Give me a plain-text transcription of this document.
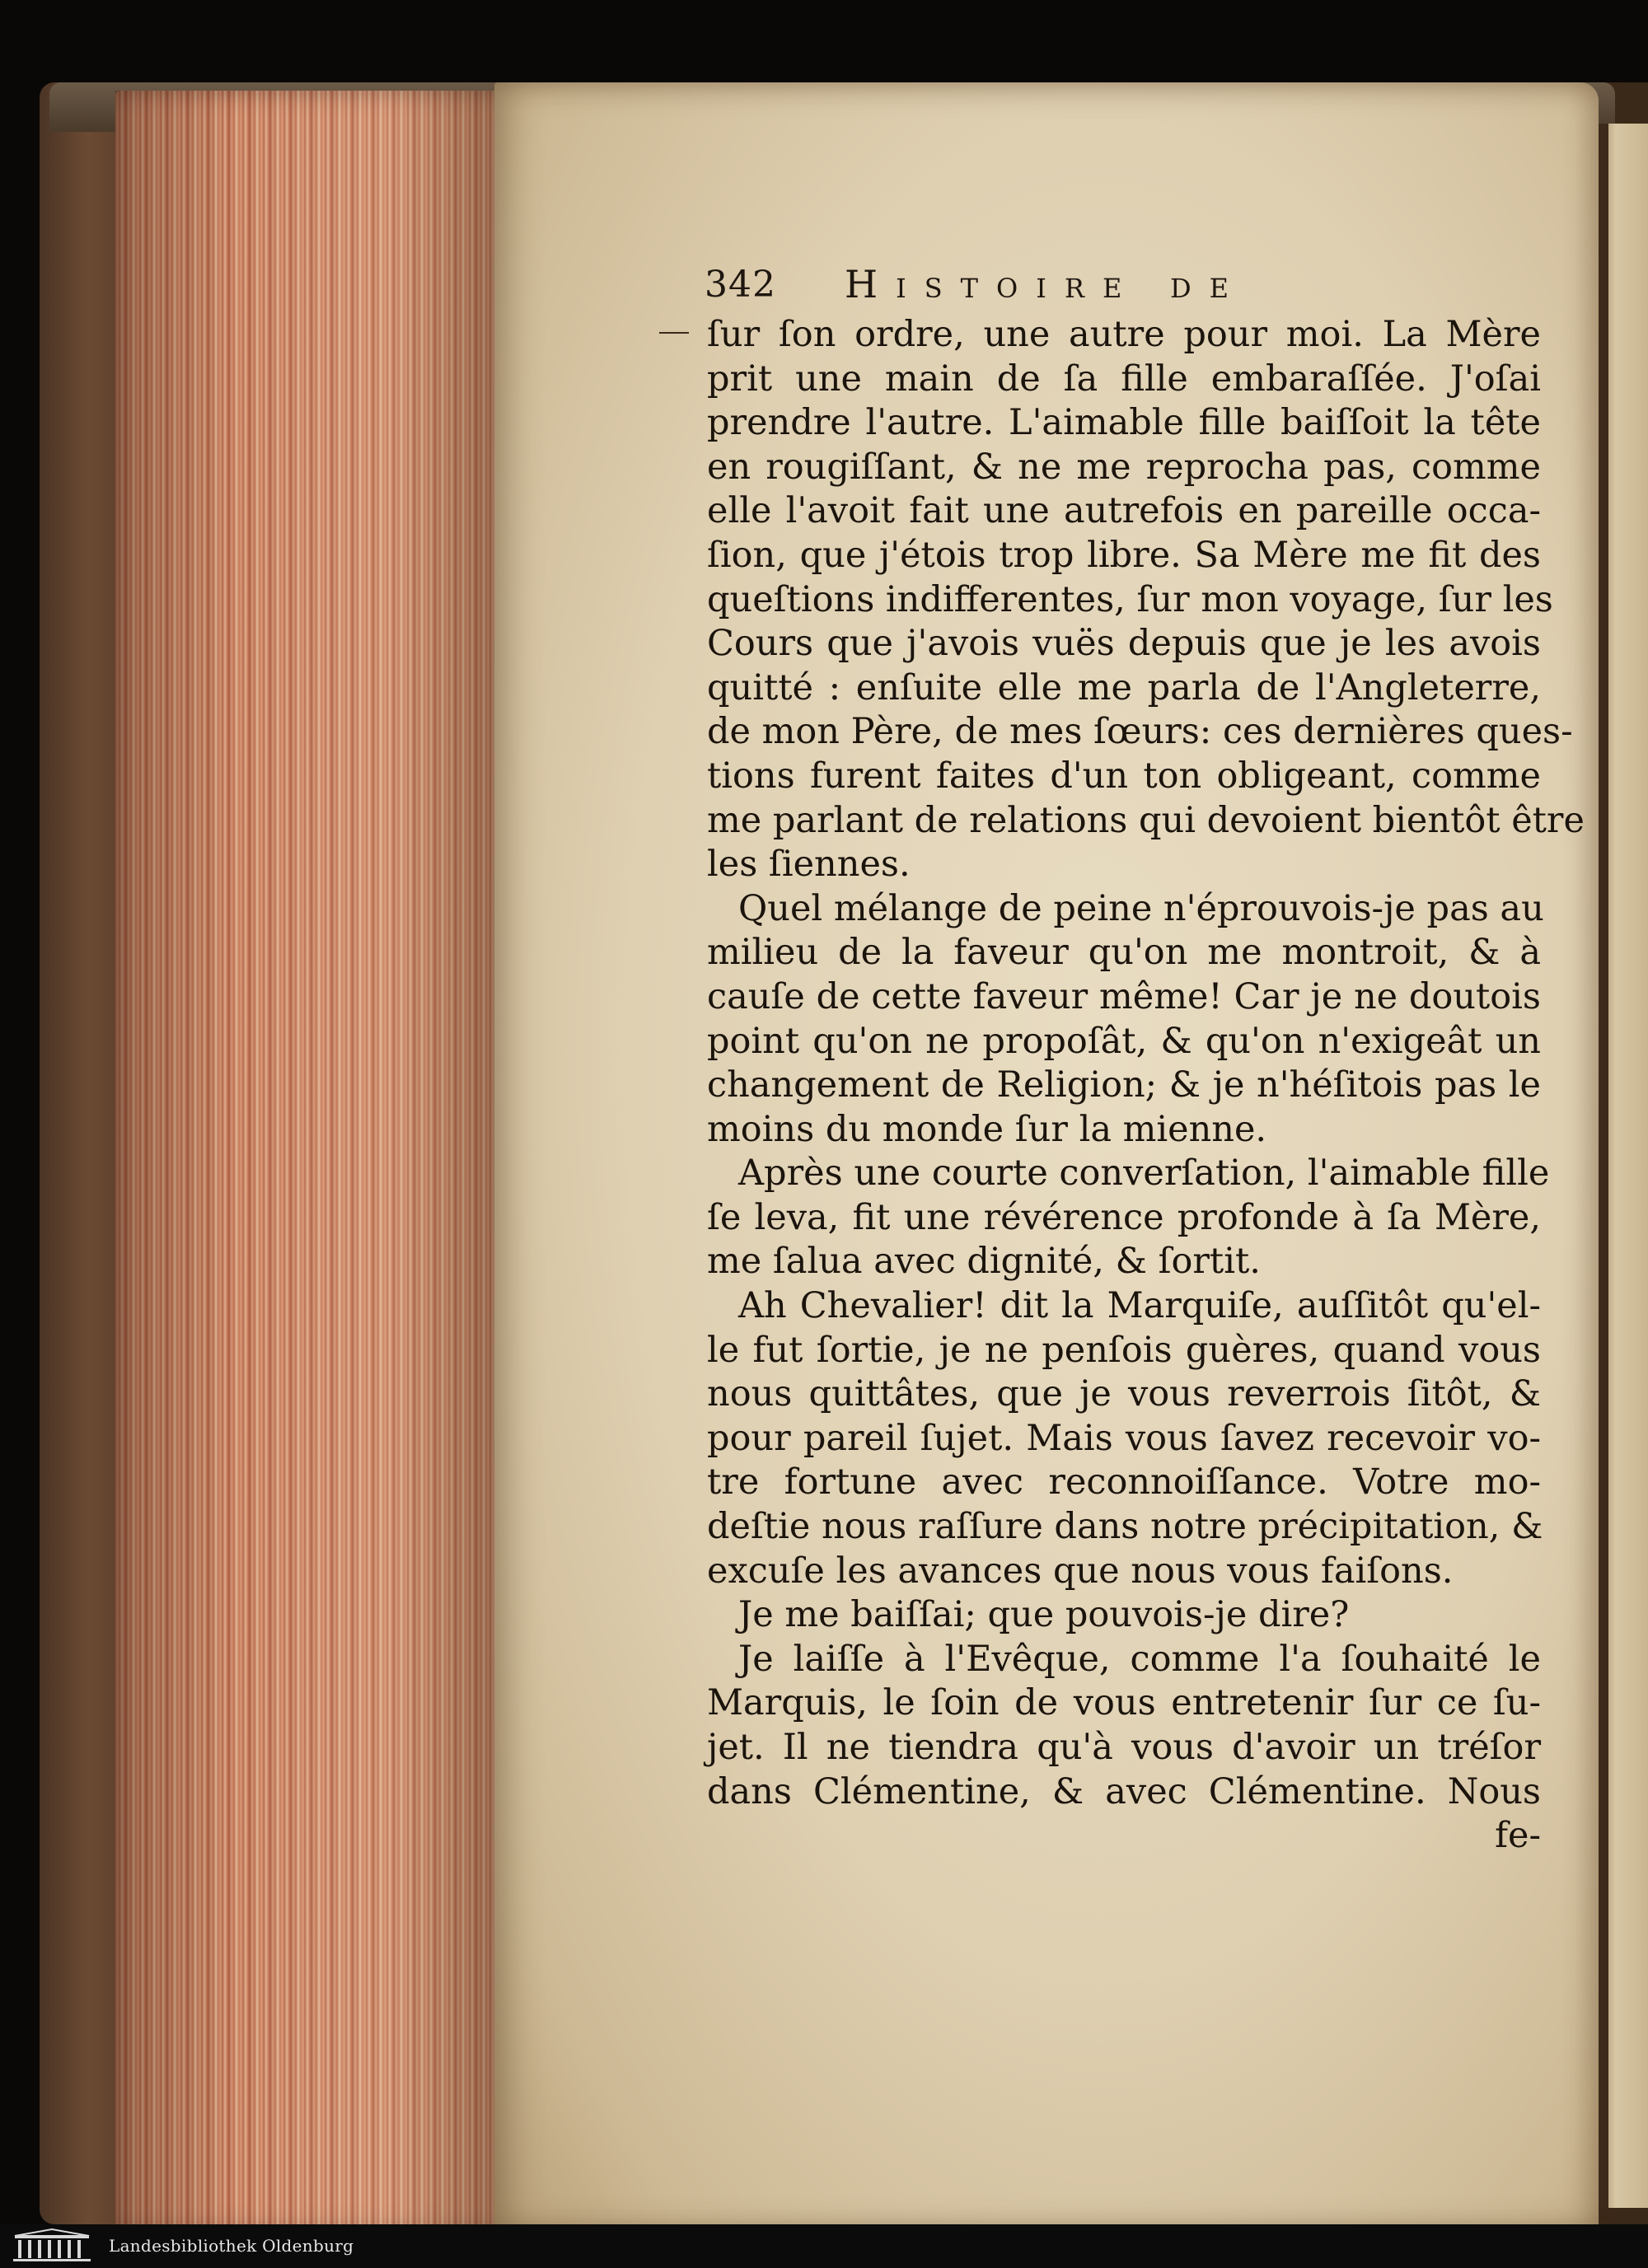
342 Histoire de
ſur ſon ordre, une autre pour moi. La Mère
prit une main de ſa fille embaraſſée. J'oſai
prendre l'autre. L'aimable fille baiſſoit la tête
en rougiſſant, & ne me reprocha pas, comme
elle l'avoit fait une autrefois en pareille occa-
ſion, que j'étois trop libre. Sa Mère me fit des
queſtions indifferentes, ſur mon voyage, ſur les
Cours que j'avois vuës depuis que je les avois
quitté : enſuite elle me parla de l'Angleterre,
de mon Père, de mes ſœurs: ces dernières ques-
tions furent faites d'un ton obligeant, comme
me parlant de relations qui devoient bientôt être
les ſiennes.
Quel mélange de peine n'éprouvois-je pas au
milieu de la faveur qu'on me montroit, & à
cauſe de cette faveur même! Car je ne doutois
point qu'on ne propoſât, & qu'on n'exigeât un
changement de Religion; & je n'héſitois pas le
moins du monde ſur la mienne.
Après une courte converſation, l'aimable fille
ſe leva, fit une révérence profonde à ſa Mère,
me ſalua avec dignité, & ſortit.
Ah Chevalier! dit la Marquiſe, auſſitôt qu'el-
le fut ſortie, je ne penſois guères, quand vous
nous quittâtes, que je vous reverrois ſitôt, &
pour pareil ſujet. Mais vous ſavez recevoir vo-
tre fortune avec reconnoiſſance. Votre mo-
deſtie nous raſſure dans notre précipitation, &
excuſe les avances que nous vous faiſons.
Je me baiſſai; que pouvois-je dire?
Je laiſſe à l'Evêque, comme l'a ſouhaité le
Marquis, le ſoin de vous entretenir ſur ce ſu-
jet. Il ne tiendra qu'à vous d'avoir un tréſor
dans Clémentine, & avec Clémentine. Nous
fe-
Landesbibliothek Oldenburg
